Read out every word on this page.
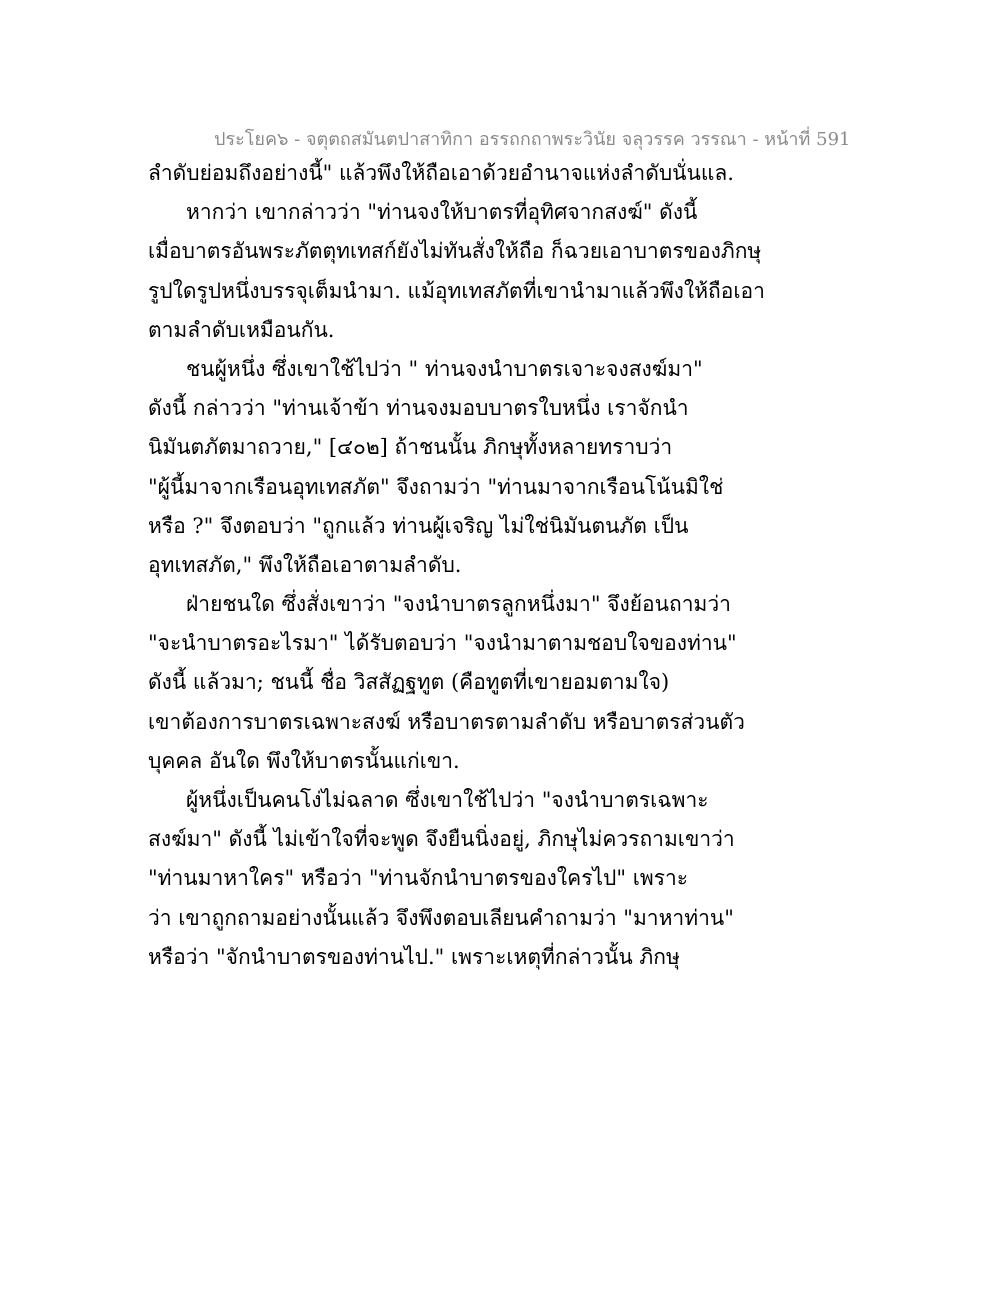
ประโยค๖ - จตุตถสมันตปาสาทิกา อรรถกถาพระวินัย จลุวรรค วรรณา - หน้าที่ 591
ลำดับย่อมถึงอย่างนี้" แล้วพึงให้ถือเอาด้วยอำนาจแห่งลำดับนั่นแล.
หากว่า เขากล่าวว่า "ท่านจงให้บาตรที่อุทิศจากสงฆ์" ดังนี้
เมื่อบาตรอันพระภัตตุทเทสก์ยังไม่ทันสั่งให้ถือ ก็ฉวยเอาบาตรของภิกษุ
รูปใดรูปหนึ่งบรรจุเต็มนำมา. แม้อุทเทสภัตที่เขานำมาแล้วพึงให้ถือเอา
ตามลำดับเหมือนกัน.
ชนผู้หนึ่ง ซึ่งเขาใช้ไปว่า " ท่านจงนำบาตรเจาะจงสงฆ์มา"
ดังนี้ กล่าวว่า "ท่านเจ้าข้า ท่านจงมอบบาตรใบหนึ่ง เราจักนำ
นิมันตภัตมาถวาย," [๔๐๒] ถ้าชนนั้น ภิกษุทั้งหลายทราบว่า
"ผู้นี้มาจากเรือนอุทเทสภัต" จึงถามว่า "ท่านมาจากเรือนโน้นมิใช่
หรือ ?" จึงตอบว่า "ถูกแล้ว ท่านผู้เจริญ ไม่ใช่นิมันตนภัต เป็น
อุทเทสภัต," พึงให้ถือเอาตามลำดับ.
ฝ่ายชนใด ซึ่งสั่งเขาว่า "จงนำบาตรลูกหนึ่งมา" จึงย้อนถามว่า
"จะนำบาตรอะไรมา" ได้รับตอบว่า "จงนำมาตามชอบใจของท่าน"
ดังนี้ แล้วมา; ชนนี้ ชื่อ วิสสัฏฐทูต (คือทูตที่เขายอมตามใจ)
เขาต้องการบาตรเฉพาะสงฆ์ หรือบาตรตามลำดับ หรือบาตรส่วนตัว
บุคคล อันใด พึงให้บาตรนั้นแก่เขา.
ผู้หนึ่งเป็นคนโง่ไม่ฉลาด ซึ่งเขาใช้ไปว่า "จงนำบาตรเฉพาะ
สงฆ์มา" ดังนี้ ไม่เข้าใจที่จะพูด จึงยืนนิ่งอยู่, ภิกษุไม่ควรถามเขาว่า
"ท่านมาหาใคร" หรือว่า "ท่านจักนำบาตรของใครไป" เพราะ
ว่า เขาถูกถามอย่างนั้นแล้ว จึงพึงตอบเลียนคำถามว่า "มาหาท่าน"
หรือว่า "จักนำบาตรของท่านไป." เพราะเหตุที่กล่าวนั้น ภิกษุ
